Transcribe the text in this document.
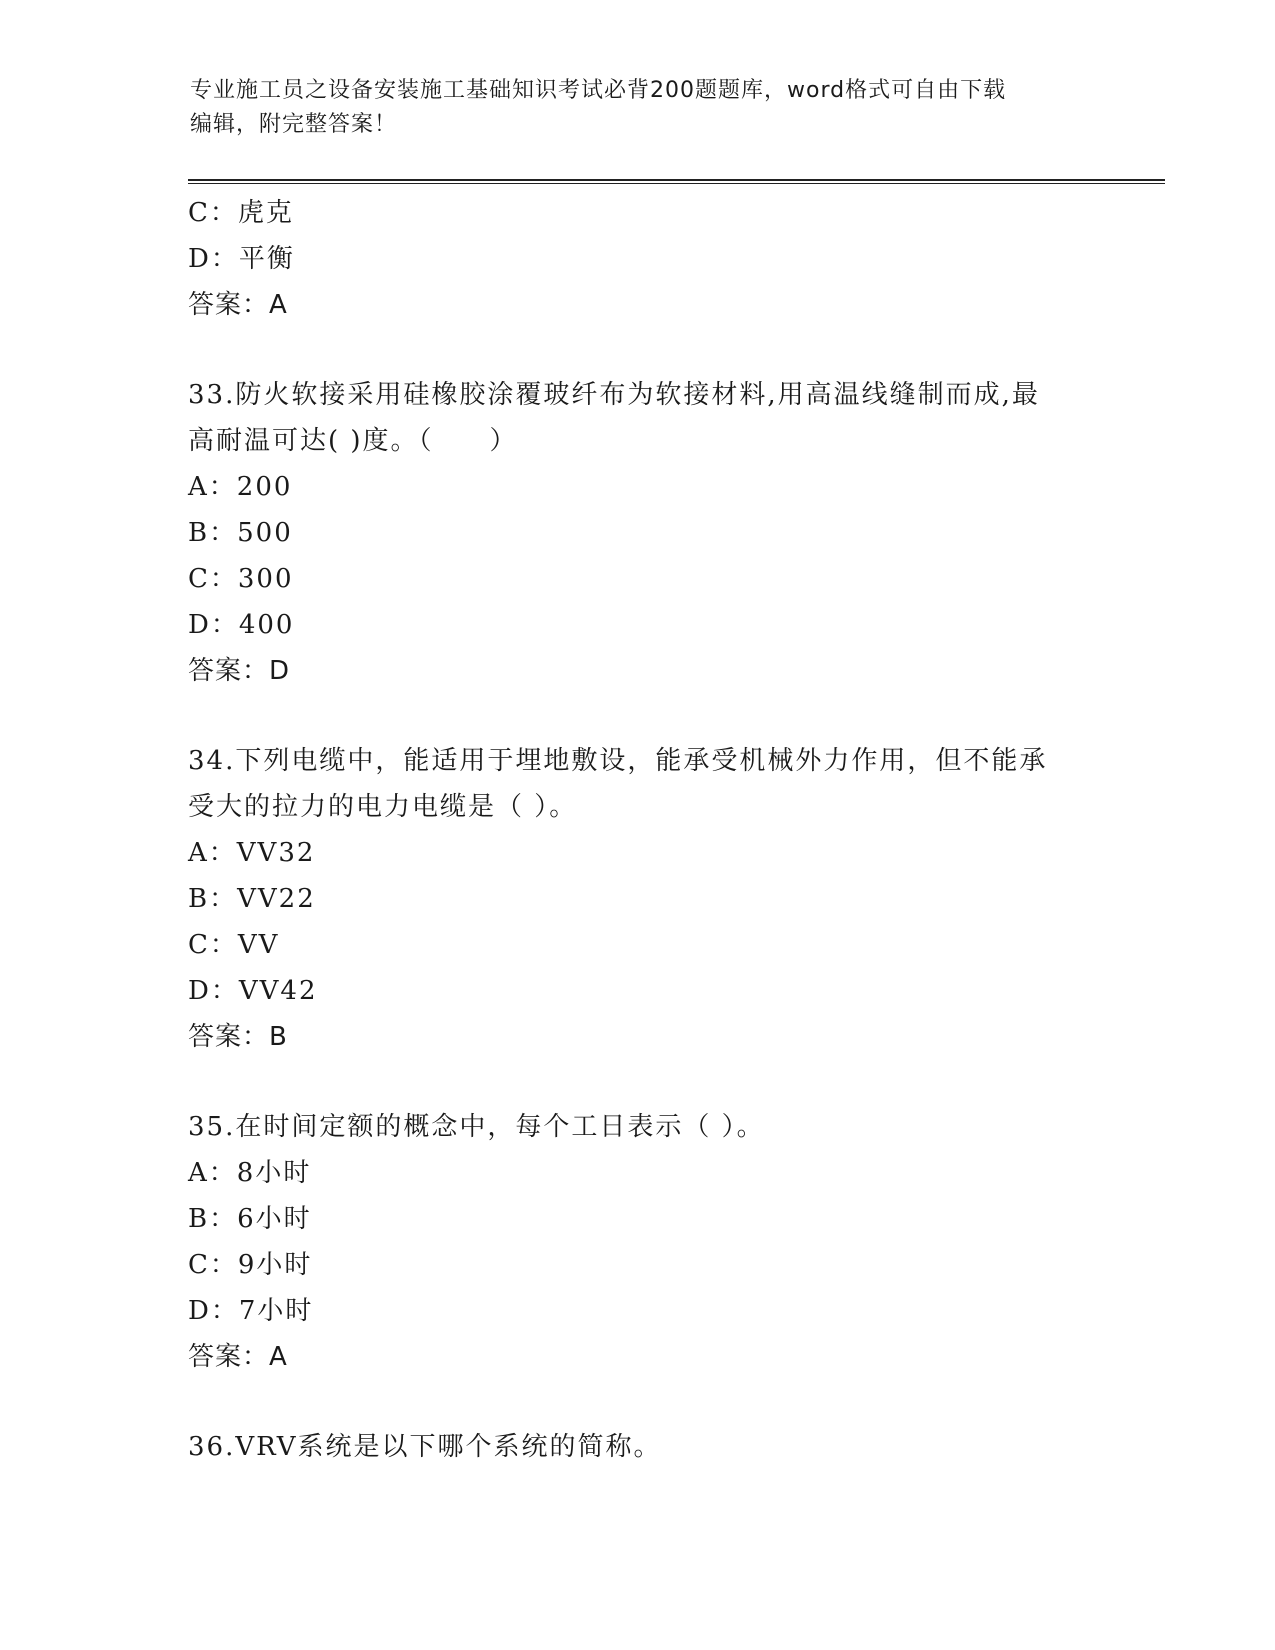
专业施工员之设备安装施工基础知识考试必背200题题库，word格式可自由下载
编辑，附完整答案！
C：虎克
D：平衡
答案：A
33.防火软接采用硅橡胶涂覆玻纤布为软接材料,用高温线缝制而成,最
高耐温可达( )度。（　　）
A：200
B：500
C：300
D：400
答案：D
34.下列电缆中，能适用于埋地敷设，能承受机械外力作用，但不能承
受大的拉力的电力电缆是（ ）。
A：VV32
B：VV22
C：VV
D：VV42
答案：B
35.在时间定额的概念中，每个工日表示（ ）。
A：8小时
B：6小时
C：9小时
D：7小时
答案：A
36.VRV系统是以下哪个系统的简称。
